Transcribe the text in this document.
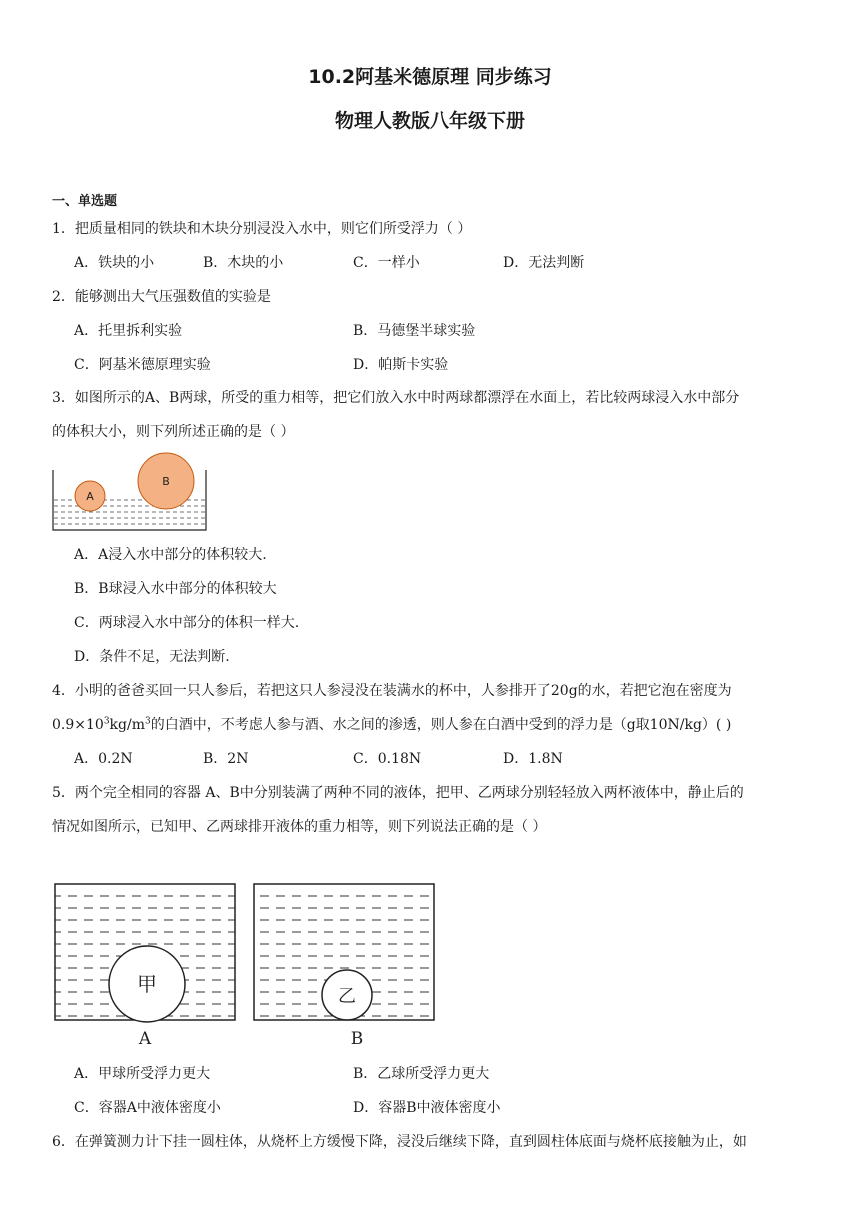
10.2阿基米德原理 同步练习
物理人教版八年级下册
一、单选题
1．把质量相同的铁块和木块分别浸没入水中，则它们所受浮力（ ）
A．铁块的小	B．木块的小	C．一样小	D．无法判断
2．能够测出大气压强数值的实验是
A．托里拆利实验	B．马德堡半球实验
C．阿基米德原理实验	D．帕斯卡实验
3．如图所示的A、B两球，所受的重力相等，把它们放入水中时两球都漂浮在水面上，若比较两球浸入水中部分
的体积大小，则下列所述正确的是（ ）
A
B
A．A浸入水中部分的体积较大.
B．B球浸入水中部分的体积较大
C．两球浸入水中部分的体积一样大.
D．条件不足，无法判断.
4．小明的爸爸买回一只人参后，若把这只人参浸没在装满水的杯中，人参排开了20g的水，若把它泡在密度为
$0.9\times 10^3kg/m^3$的白酒中，不考虑人参与酒、水之间的渗透，则人参在白酒中受到的浮力是（g取10N/kg）( )
A．0.2N	B．2N	C．0.18N	D．1.8N
5．两个完全相同的容器 A、B中分别装满了两种不同的液体，把甲、乙两球分别轻轻放入两杯液体中，静止后的
情况如图所示，已知甲、乙两球排开液体的重力相等，则下列说法正确的是（ ）
甲
乙
A	B
A．甲球所受浮力更大	B．乙球所受浮力更大
C．容器A中液体密度小	D．容器B中液体密度小
6．在弹簧测力计下挂一圆柱体，从烧杯上方缓慢下降，浸没后继续下降，直到圆柱体底面与烧杯底接触为止，如
